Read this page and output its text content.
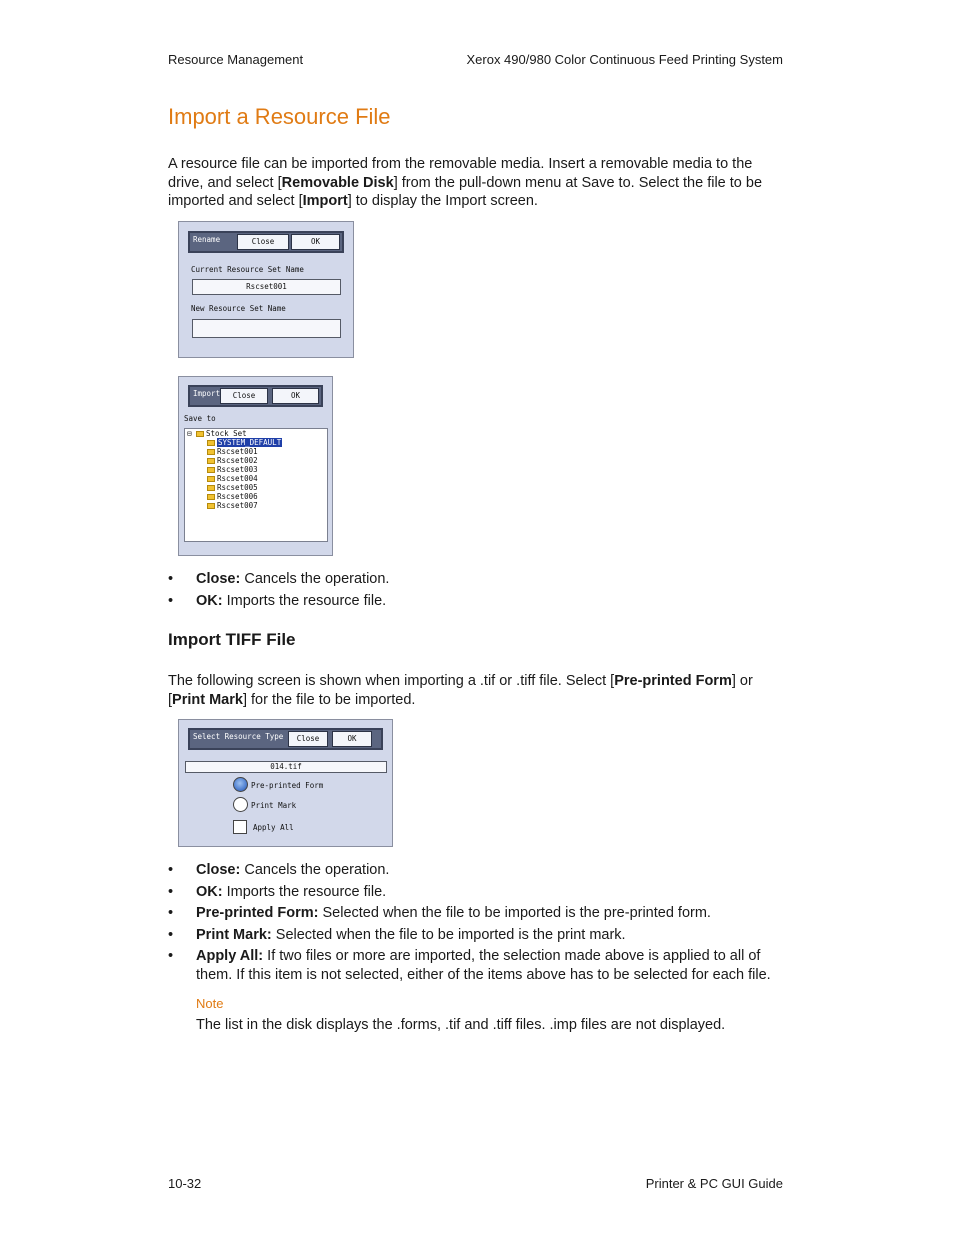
Resource Management	Xerox 490/980 Color Continuous Feed Printing System
Import a Resource File
A resource file can be imported from the removable media. Insert a removable media to the drive, and select [Removable Disk] from the pull-down menu at Save to. Select the file to be imported and select [Import] to display the Import screen.
Rename	Close	OK
Current Resource Set Name
Rscset001
New Resource Set Name
Import	Close	OK
Save to
⊟ Stock Set
SYSTEM_DEFAULT
Rscset001
Rscset002
Rscset003
Rscset004
Rscset005
Rscset006
Rscset007
• Close: Cancels the operation.
• OK: Imports the resource file.
Import TIFF File
The following screen is shown when importing a .tif or .tiff file. Select [Pre-printed Form] or [Print Mark] for the file to be imported.
Select Resource Type	Close	OK
014.tif
Pre-printed Form
Print Mark
Apply All
• Close: Cancels the operation.
• OK: Imports the resource file.
• Pre-printed Form: Selected when the file to be imported is the pre-printed form.
• Print Mark: Selected when the file to be imported is the print mark.
• Apply All: If two files or more are imported, the selection made above is applied to all of them. If this item is not selected, either of the items above has to be selected for each file.
Note
The list in the disk displays the .forms, .tif and .tiff files. .imp files are not displayed.
10-32	Printer & PC GUI Guide
